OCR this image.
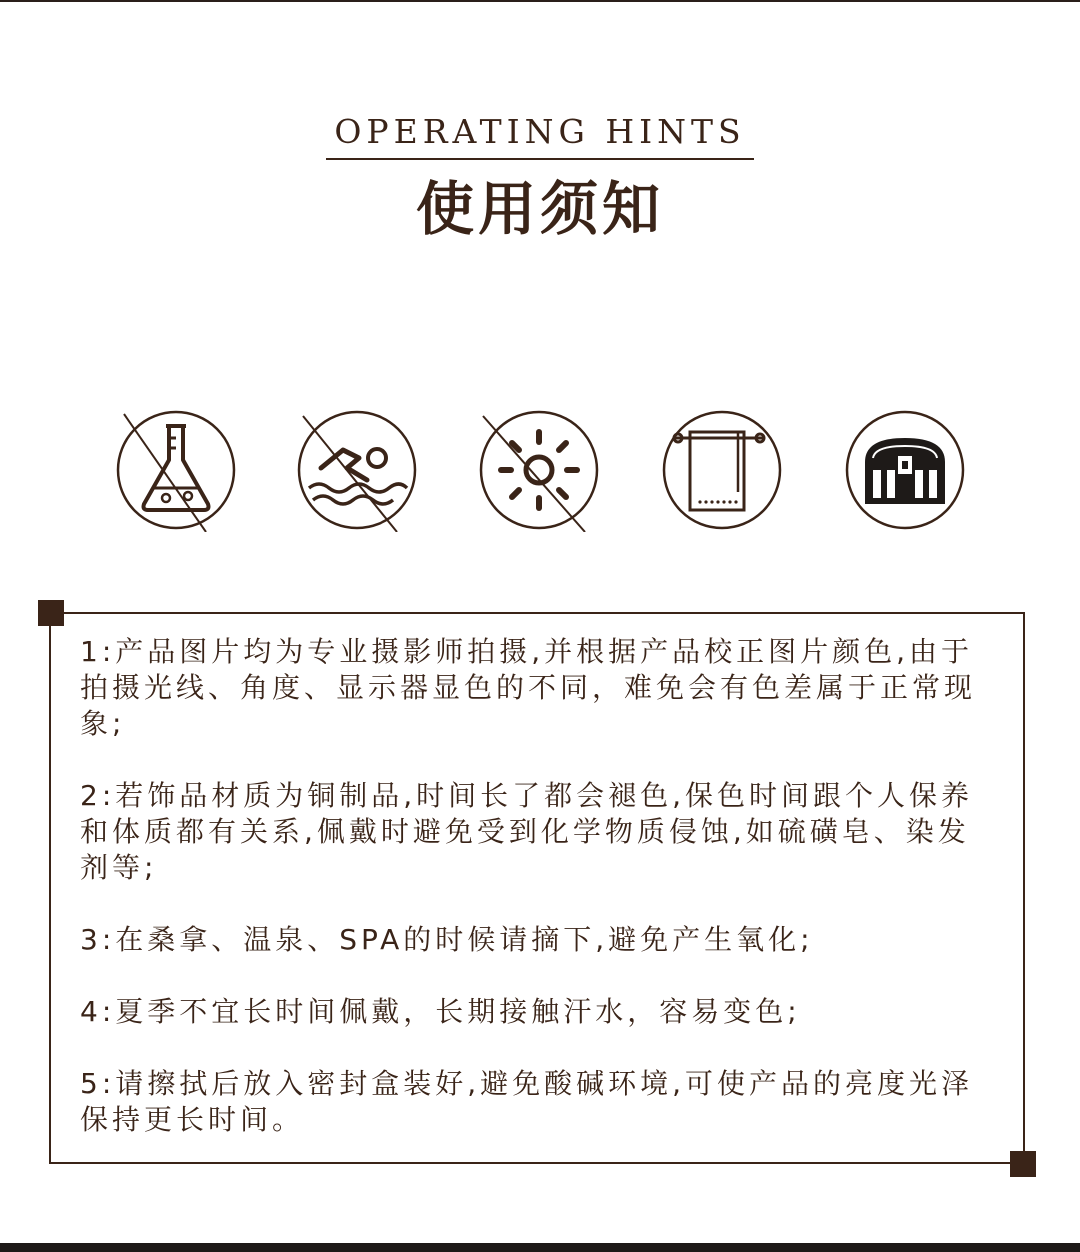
OPERATING HINTS
使用须知

1:产品图片均为专业摄影师拍摄,并根据产品校正图片颜色,由于拍摄光线、角度、显示器显色的不同，难免会有色差属于正常现象;

2:若饰品材质为铜制品,时间长了都会褪色,保色时间跟个人保养和体质都有关系,佩戴时避免受到化学物质侵蚀,如硫磺皂、染发剂等;

3:在桑拿、温泉、SPA的时候请摘下,避免产生氧化;

4:夏季不宜长时间佩戴，长期接触汗水，容易变色;

5:请擦拭后放入密封盒装好,避免酸碱环境,可使产品的亮度光泽保持更长时间。
